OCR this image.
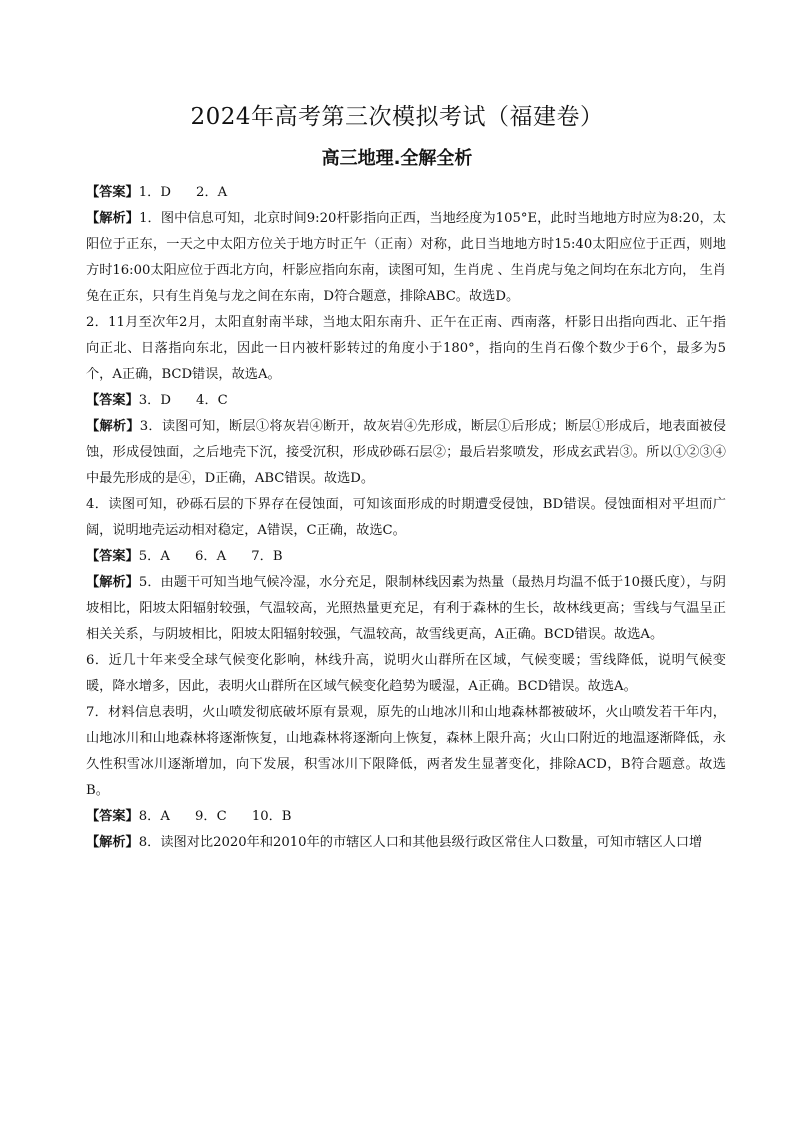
2024年高考第三次模拟考试（福建卷）
高三地理.全解全析
【答案】1．D      2．A

【解析】1．图中信息可知，北京时间9:20杆影指向正西，当地经度为105°E，此时当地地方时应为8:20，太阳位于正东，一天之中太阳方位关于地方时正午（正南）对称，此日当地地方时15:40太阳应位于正西，则地方时16:00太阳应位于西北方向，杆影应指向东南，读图可知，生肖虎 、生肖虎与兔之间均在东北方向， 生肖兔在正东，只有生肖兔与龙之间在东南，D符合题意，排除ABC。故选D。

2．11月至次年2月，太阳直射南半球，当地太阳东南升、正午在正南、西南落，杆影日出指向西北、正午指向正北、日落指向东北，因此一日内被杆影转过的角度小于180°，指向的生肖石像个数少于6个，最多为5个，A正确，BCD错误，故选A。

【答案】3．D      4．C

【解析】3．读图可知，断层①将灰岩④断开，故灰岩④先形成，断层①后形成；断层①形成后，地表面被侵蚀，形成侵蚀面，之后地壳下沉，接受沉积，形成砂砾石层②；最后岩浆喷发，形成玄武岩③。所以①②③④中最先形成的是④，D正确，ABC错误。故选D。

4．读图可知，砂砾石层的下界存在侵蚀面，可知该面形成的时期遭受侵蚀，BD错误。侵蚀面相对平坦而广阔，说明地壳运动相对稳定，A错误，C正确，故选C。

【答案】5．A      6．A      7．B

【解析】5．由题干可知当地气候冷湿，水分充足，限制林线因素为热量（最热月均温不低于10摄氏度），与阴坡相比，阳坡太阳辐射较强，气温较高，光照热量更充足，有利于森林的生长，故林线更高；雪线与气温呈正相关关系，与阴坡相比，阳坡太阳辐射较强，气温较高，故雪线更高，A正确。BCD错误。故选A。

6．近几十年来受全球气候变化影响，林线升高，说明火山群所在区域，气候变暖；雪线降低，说明气候变暖，降水增多，因此，表明火山群所在区域气候变化趋势为暖湿，A正确。BCD错误。故选A。

7．材料信息表明，火山喷发彻底破坏原有景观，原先的山地冰川和山地森林都被破坏，火山喷发若干年内，山地冰川和山地森林将逐渐恢复，山地森林将逐渐向上恢复，森林上限升高；火山口附近的地温逐渐降低，永久性积雪冰川逐渐增加，向下发展，积雪冰川下限降低，两者发生显著变化，排除ACD，B符合题意。故选B。

【答案】8．A      9．C      10．B

【解析】8．读图对比2020年和2010年的市辖区人口和其他县级行政区常住人口数量，可知市辖区人口增
